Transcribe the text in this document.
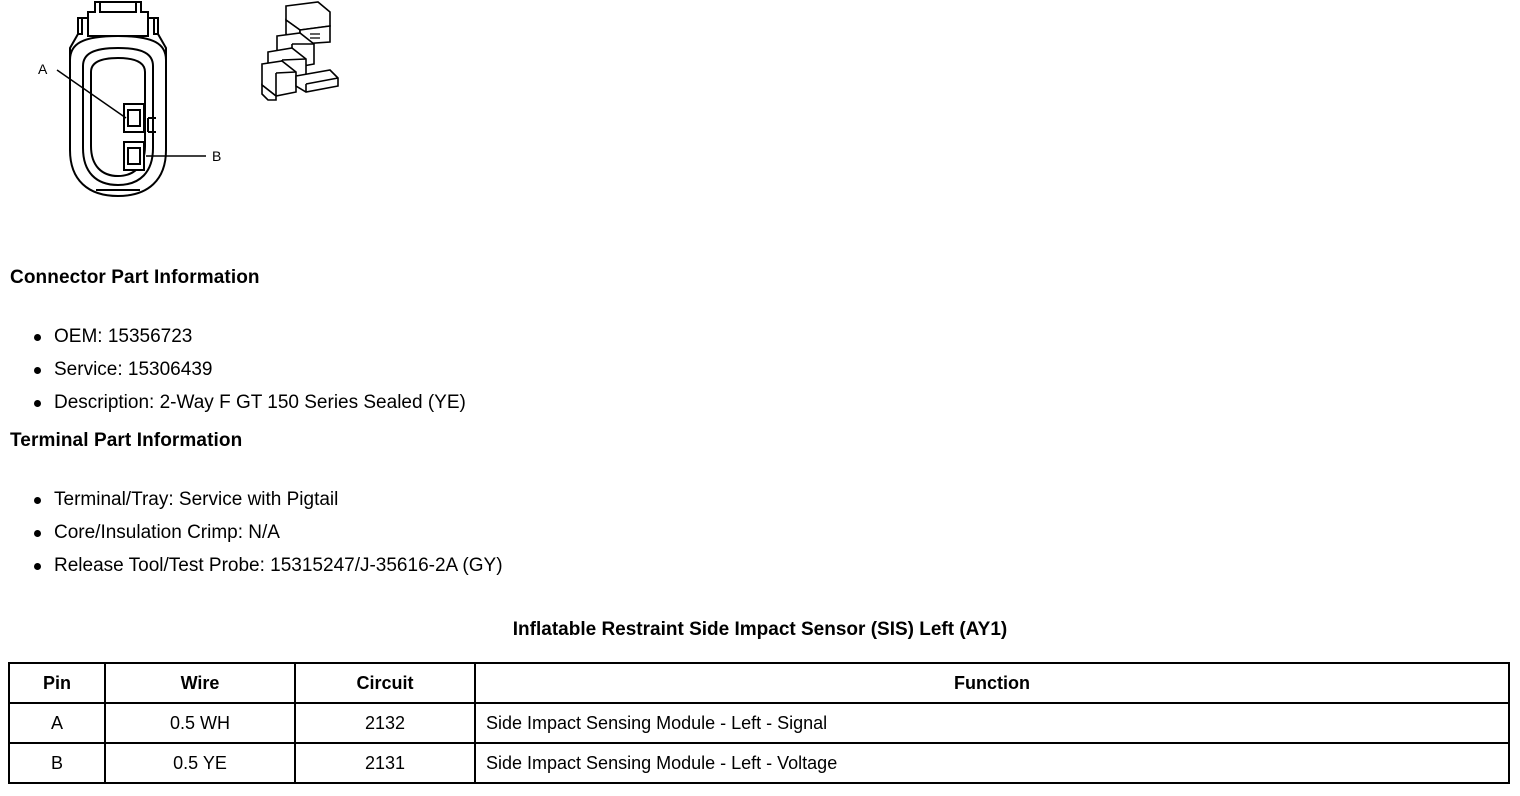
A
B
Connector Part Information
OEM: 15356723
Service: 15306439
Description: 2-Way F GT 150 Series Sealed (YE)
Terminal Part Information
Terminal/Tray: Service with Pigtail
Core/Insulation Crimp: N/A
Release Tool/Test Probe: 15315247/J-35616-2A (GY)
Inflatable Restraint Side Impact Sensor (SIS) Left (AY1)
Pin	Wire	Circuit	Function
A	0.5 WH	2132	Side Impact Sensing Module - Left - Signal
B	0.5 YE	2131	Side Impact Sensing Module - Left - Voltage
